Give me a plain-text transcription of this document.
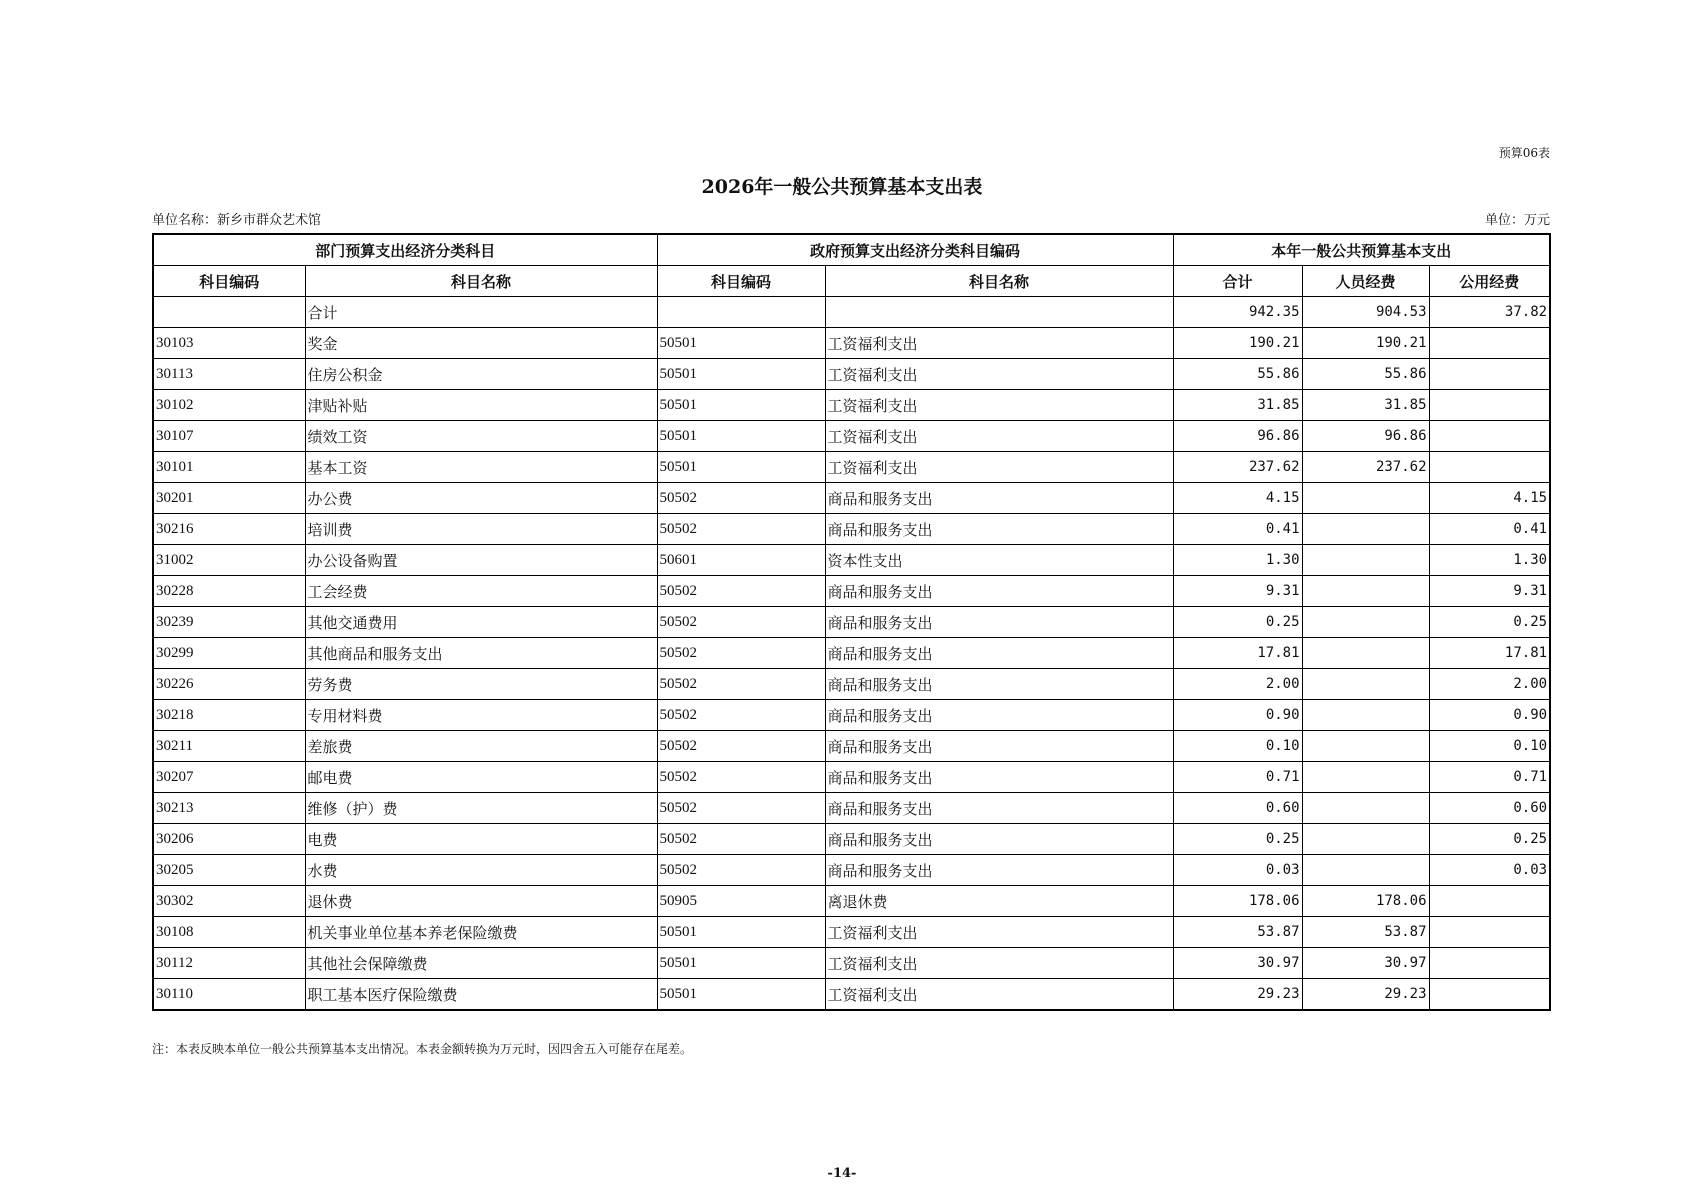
预算06表
2026年一般公共预算基本支出表
单位名称：新乡市群众艺术馆	单位：万元
部门预算支出经济分类科目		政府预算支出经济分类科目编码		本年一般公共预算基本支出		
科目编码	科目名称	科目编码	科目名称	合计	人员经费	公用经费
	合计			942.35	904.53	37.82
30103	奖金	50501	工资福利支出	190.21	190.21	
30113	住房公积金	50501	工资福利支出	55.86	55.86	
30102	津贴补贴	50501	工资福利支出	31.85	31.85	
30107	绩效工资	50501	工资福利支出	96.86	96.86	
30101	基本工资	50501	工资福利支出	237.62	237.62	
30201	办公费	50502	商品和服务支出	4.15		4.15
30216	培训费	50502	商品和服务支出	0.41		0.41
31002	办公设备购置	50601	资本性支出	1.30		1.30
30228	工会经费	50502	商品和服务支出	9.31		9.31
30239	其他交通费用	50502	商品和服务支出	0.25		0.25
30299	其他商品和服务支出	50502	商品和服务支出	17.81		17.81
30226	劳务费	50502	商品和服务支出	2.00		2.00
30218	专用材料费	50502	商品和服务支出	0.90		0.90
30211	差旅费	50502	商品和服务支出	0.10		0.10
30207	邮电费	50502	商品和服务支出	0.71		0.71
30213	维修（护）费	50502	商品和服务支出	0.60		0.60
30206	电费	50502	商品和服务支出	0.25		0.25
30205	水费	50502	商品和服务支出	0.03		0.03
30302	退休费	50905	离退休费	178.06	178.06	
30108	机关事业单位基本养老保险缴费	50501	工资福利支出	53.87	53.87	
30112	其他社会保障缴费	50501	工资福利支出	30.97	30.97	
30110	职工基本医疗保险缴费	50501	工资福利支出	29.23	29.23	
注：本表反映本单位一般公共预算基本支出情况。本表金额转换为万元时，因四舍五入可能存在尾差。
-14-
